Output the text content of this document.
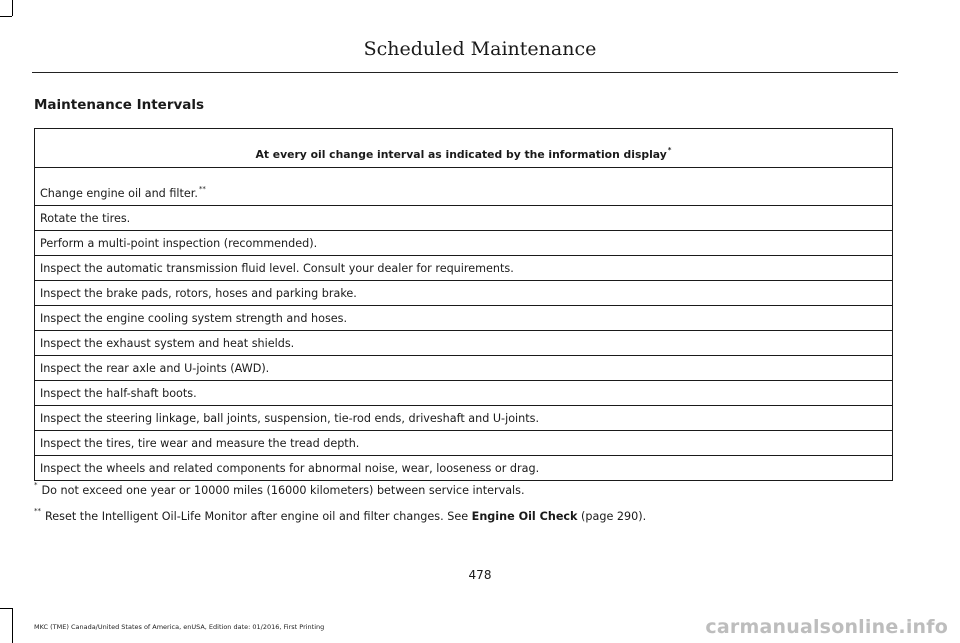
Scheduled Maintenance
Maintenance Intervals
At every oil change interval as indicated by the information display*
Change engine oil and filter.**
Rotate the tires.
Perform a multi-point inspection (recommended).
Inspect the automatic transmission fluid level. Consult your dealer for requirements.
Inspect the brake pads, rotors, hoses and parking brake.
Inspect the engine cooling system strength and hoses.
Inspect the exhaust system and heat shields.
Inspect the rear axle and U-joints (AWD).
Inspect the half-shaft boots.
Inspect the steering linkage, ball joints, suspension, tie-rod ends, driveshaft and U-joints.
Inspect the tires, tire wear and measure the tread depth.
Inspect the wheels and related components for abnormal noise, wear, looseness or drag.
* Do not exceed one year or 10000 miles (16000 kilometers) between service intervals.
** Reset the Intelligent Oil-Life Monitor after engine oil and filter changes. See Engine Oil Check (page 290).
478
MKC (TME) Canada/United States of America, enUSA, Edition date: 01/2016, First Printing	carmanualsonline.info
